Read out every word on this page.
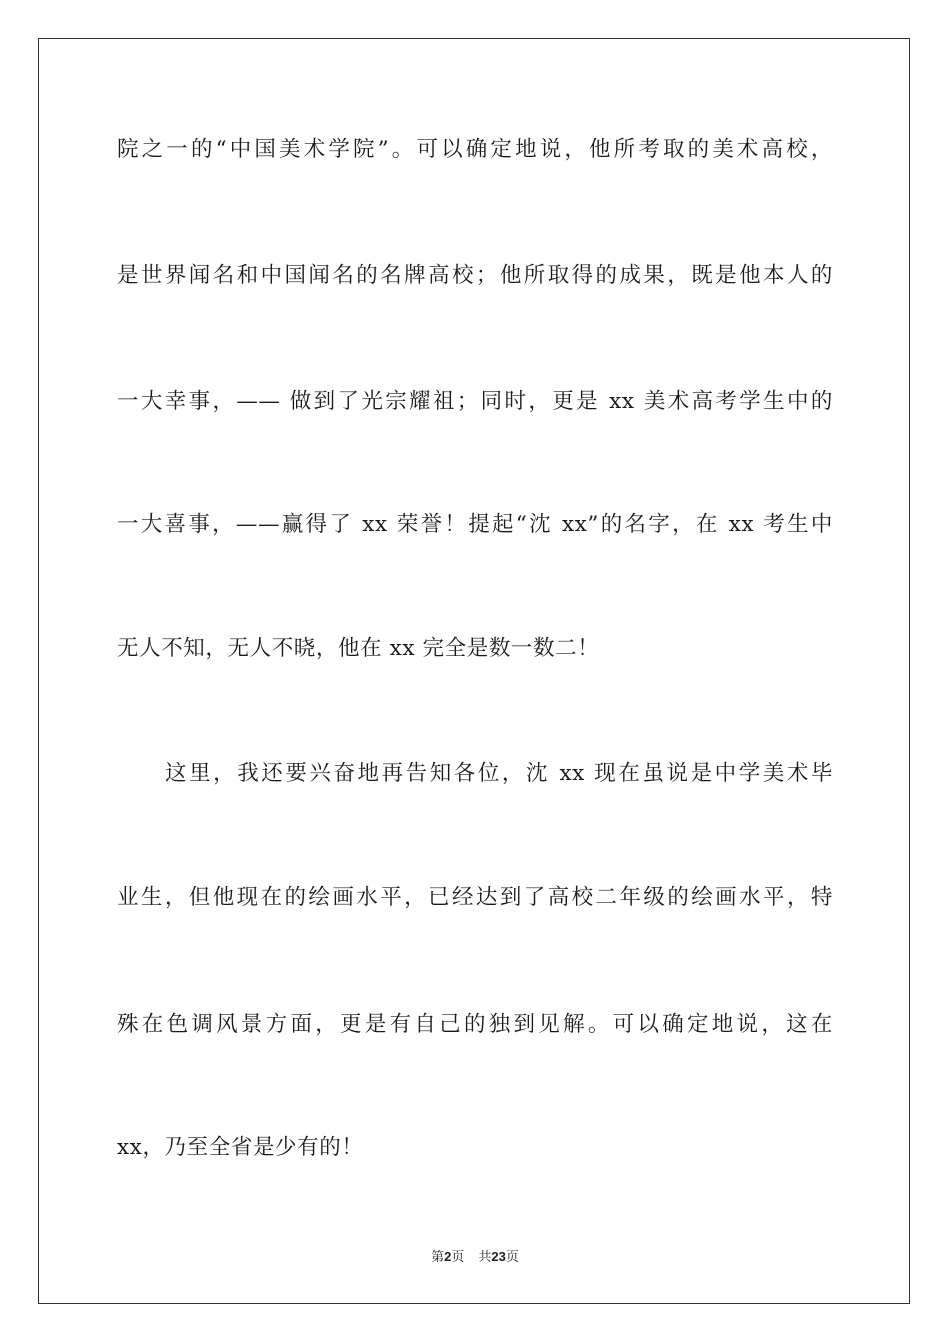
院之一的“中国美术学院”。可以确定地说，他所考取的美术高校，
是世界闻名和中国闻名的名牌高校；他所取得的成果，既是他本人的
一大幸事，—— 做到了光宗耀祖；同时，更是 xx 美术高考学生中的
一大喜事，——赢得了 xx 荣誉！提起“沈 xx”的名字，在 xx 考生中
无人不知，无人不晓，他在 xx 完全是数一数二！
这里，我还要兴奋地再告知各位，沈 xx 现在虽说是中学美术毕
业生，但他现在的绘画水平，已经达到了高校二年级的绘画水平，特
殊在色调风景方面，更是有自己的独到见解。可以确定地说，这在
xx，乃至全省是少有的！
第2页 共23页
